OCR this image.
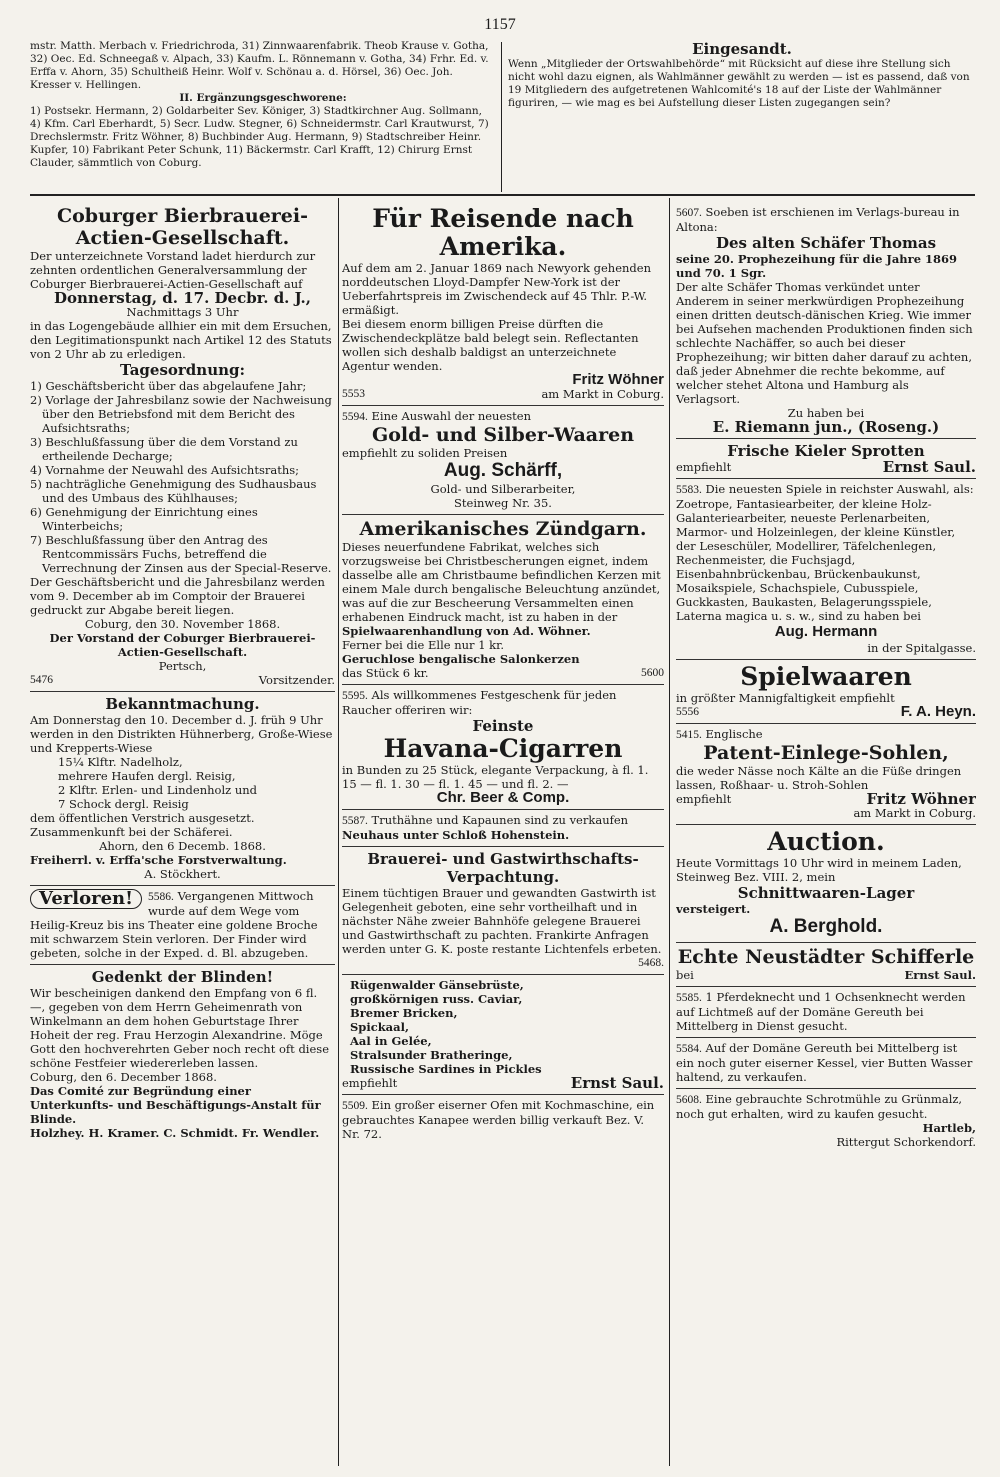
1157

mstr. Matth. Merbach v. Friedrichroda, 31) Zinnwaarenfabrik. Theob Krause v. Gotha, 32) Oec. Ed. Schneegaß v. Alpach, 33) Kaufm. L. Rönnemann v. Gotha, 34) Frhr. Ed. v. Erffa v. Ahorn, 35) Schultheiß Heinr. Wolf v. Schönau a. d. Hörsel, 36) Oec. Joh. Kresser v. Hellingen.

II. Ergänzungsgeschworene:

1) Postsekr. Hermann, 2) Goldarbeiter Sev. Königer, 3) Stadtkirchner Aug. Sollmann, 4) Kfm. Carl Eberhardt, 5) Secr. Ludw. Stegner, 6) Schneidermstr. Carl Krautwurst, 7) Drechslermstr. Fritz Wöhner, 8) Buchbinder Aug. Hermann, 9) Stadtschreiber Heinr. Kupfer, 10) Fabrikant Peter Schunk, 11) Bäckermstr. Carl Krafft, 12) Chirurg Ernst Clauder, sämmtlich von Coburg.

Eingesandt.

Wenn „Mitglieder der Ortswahlbehörde“ mit Rücksicht auf diese ihre Stellung sich nicht wohl dazu eignen, als Wahlmänner gewählt zu werden — ist es passend, daß von 19 Mitgliedern des aufgetretenen Wahlcomité's 18 auf der Liste der Wahlmänner figuriren, — wie mag es bei Aufstellung dieser Listen zugegangen sein?

Coburger Bierbrauerei-Actien-Gesellschaft.

Der unterzeichnete Vorstand ladet hierdurch zur zehnten ordentlichen Generalversammlung der Coburger Bierbrauerei-Actien-Gesellschaft auf

Donnerstag, d. 17. Decbr. d. J.,

Nachmittags 3 Uhr

in das Logengebäude allhier ein mit dem Ersuchen, den Legitimationspunkt nach Artikel 12 des Statuts von 2 Uhr ab zu erledigen.

Tagesordnung:

1) Geschäftsbericht über das abgelaufene Jahr;

2) Vorlage der Jahresbilanz sowie der Nachweisung über den Betriebsfond mit dem Bericht des Aufsichtsraths;

3) Beschlußfassung über die dem Vorstand zu ertheilende Decharge;

4) Vornahme der Neuwahl des Aufsichtsraths;

5) nachträgliche Genehmigung des Sudhausbaus und des Umbaus des Kühlhauses;

6) Genehmigung der Einrichtung eines Winterbeichs;

7) Beschlußfassung über den Antrag des Rentcommissärs Fuchs, betreffend die Verrechnung der Zinsen aus der Special-Reserve.

Der Geschäftsbericht und die Jahresbilanz werden vom 9. December ab im Comptoir der Brauerei gedruckt zur Abgabe bereit liegen.

Coburg, den 30. November 1868.

Der Vorstand der Coburger Bierbrauerei-Actien-Gesellschaft.

Pertsch,

5476	Vorsitzender.

Bekanntmachung.

Am Donnerstag den 10. December d. J. früh 9 Uhr werden in den Distrikten Hühnerberg, Große-Wiese und Krepperts-Wiese

15¼ Klftr. Nadelholz,

mehrere Haufen dergl. Reisig,

2 Klftr. Erlen- und Lindenholz und

7 Schock dergl. Reisig

dem öffentlichen Verstrich ausgesetzt. Zusammenkunft bei der Schäferei.

Ahorn, den 6 Decemb. 1868.

Freiherrl. v. Erffa'sche Forstverwaltung.

A. Stöckhert.

Verloren!	5586. Vergangenen Mittwoch wurde auf dem Wege vom Heilig-Kreuz bis ins Theater eine goldene Broche mit schwarzem Stein verloren. Der Finder wird gebeten, solche in der Exped. d. Bl. abzugeben.

Gedenkt der Blinden!

Wir bescheinigen dankend den Empfang von 6 fl. —, gegeben von dem Herrn Geheimenrath von Winkelmann an dem hohen Geburtstage Ihrer Hoheit der reg. Frau Herzogin Alexandrine. Möge Gott den hochverehrten Geber noch recht oft diese schöne Festfeier wiedererleben lassen.

Coburg, den 6. December 1868.

Das Comité zur Begründung einer Unterkunfts- und Beschäftigungs-Anstalt für Blinde.

Holzhey. H. Kramer. C. Schmidt. Fr. Wendler.

Für Reisende nach Amerika.

Auf dem am 2. Januar 1869 nach Newyork gehenden norddeutschen Lloyd-Dampfer New-York ist der Ueberfahrtspreis im Zwischendeck auf 45 Thlr. P.-W. ermäßigt.

Bei diesem enorm billigen Preise dürften die Zwischendeckplätze bald belegt sein. Reflectanten wollen sich deshalb baldigst an unterzeichnete Agentur wenden.

Fritz Wöhner

5553	am Markt in Coburg.

5594. Eine Auswahl der neuesten

Gold- und Silber-Waaren

empfiehlt zu soliden Preisen

Aug. Schärff,

Gold- und Silberarbeiter,

Steinweg Nr. 35.

Amerikanisches Zündgarn.

Dieses neuerfundene Fabrikat, welches sich vorzugsweise bei Christbescherungen eignet, indem dasselbe alle am Christbaume befindlichen Kerzen mit einem Male durch bengalische Beleuchtung anzündet, was auf die zur Bescheerung Versammelten einen erhabenen Eindruck macht, ist zu haben in der

Spielwaarenhandlung von Ad. Wöhner.

Ferner bei die Elle nur 1 kr.

Geruchlose bengalische Salonkerzen

das Stück 6 kr.	5600

5595. Als willkommenes Festgeschenk für jeden Raucher offeriren wir:

Feinste

Havana-Cigarren

in Bunden zu 25 Stück, elegante Verpackung, à fl. 1. 15 — fl. 1. 30 — fl. 1. 45 — und fl. 2. —

Chr. Beer & Comp.

5587. Truthähne und Kapaunen sind zu verkaufen

Neuhaus unter Schloß Hohenstein.

Brauerei- und Gastwirthschafts-Verpachtung.

Einem tüchtigen Brauer und gewandten Gastwirth ist Gelegenheit geboten, eine sehr vortheilhaft und in nächster Nähe zweier Bahnhöfe gelegene Brauerei und Gastwirthschaft zu pachten. Frankirte Anfragen werden unter G. K. poste restante Lichtenfels erbeten.

5468.

Rügenwalder Gänsebrüste,

großkörnigen russ. Caviar,

Bremer Bricken,

Spickaal,

Aal in Gelée,

Stralsunder Bratheringe,

Russische Sardines in Pickles

empfiehlt	Ernst Saul.

5509. Ein großer eiserner Ofen mit Kochmaschine, ein gebrauchtes Kanapee werden billig verkauft Bez. V. Nr. 72.

5607. Soeben ist erschienen im Verlags-bureau in Altona:

Des alten Schäfer Thomas

seine 20. Prophezeihung für die Jahre 1869 und 70. 1 Sgr.

Der alte Schäfer Thomas verkündet unter Anderem in seiner merkwürdigen Prophezeihung einen dritten deutsch-dänischen Krieg. Wie immer bei Aufsehen machenden Produktionen finden sich schlechte Nachäffer, so auch bei dieser Prophezeihung; wir bitten daher darauf zu achten, daß jeder Abnehmer die rechte bekomme, auf welcher stehet Altona und Hamburg als Verlagsort.

Zu haben bei

E. Riemann jun., (Roseng.)

Frische Kieler Sprotten

empfiehlt	Ernst Saul.

5583. Die neuesten Spiele in reichster Auswahl, als: Zoetrope, Fantasiearbeiter, der kleine Holz-Galanteriearbeiter, neueste Perlenarbeiten, Marmor- und Holzeinlegen, der kleine Künstler, der Leseschüler, Modellirer, Täfelchenlegen, Rechenmeister, die Fuchsjagd, Eisenbahnbrückenbau, Brückenbaukunst, Mosaikspiele, Schachspiele, Cubusspiele, Guckkasten, Baukasten, Belagerungsspiele, Laterna magica u. s. w., sind zu haben bei

Aug. Hermann

in der Spitalgasse.

Spielwaaren

in größter Mannigfaltigkeit empfiehlt

5556	F. A. Heyn.

5415. Englische

Patent-Einlege-Sohlen,

die weder Nässe noch Kälte an die Füße dringen lassen, Roßhaar- u. Stroh-Sohlen

empfiehlt	Fritz Wöhner

am Markt in Coburg.

Auction.

Heute Vormittags 10 Uhr wird in meinem Laden, Steinweg Bez. VIII. 2, mein

Schnittwaaren-Lager

versteigert.

A. Berghold.

Echte Neustädter Schifferle

bei	Ernst Saul.

5585. 1 Pferdeknecht und 1 Ochsenknecht werden auf Lichtmeß auf der Domäne Gereuth bei Mittelberg in Dienst gesucht.

5584. Auf der Domäne Gereuth bei Mittelberg ist ein noch guter eiserner Kessel, vier Butten Wasser haltend, zu verkaufen.

5608. Eine gebrauchte Schrotmühle zu Grünmalz, noch gut erhalten, wird zu kaufen gesucht.

Hartleb,

Rittergut Schorkendorf.
